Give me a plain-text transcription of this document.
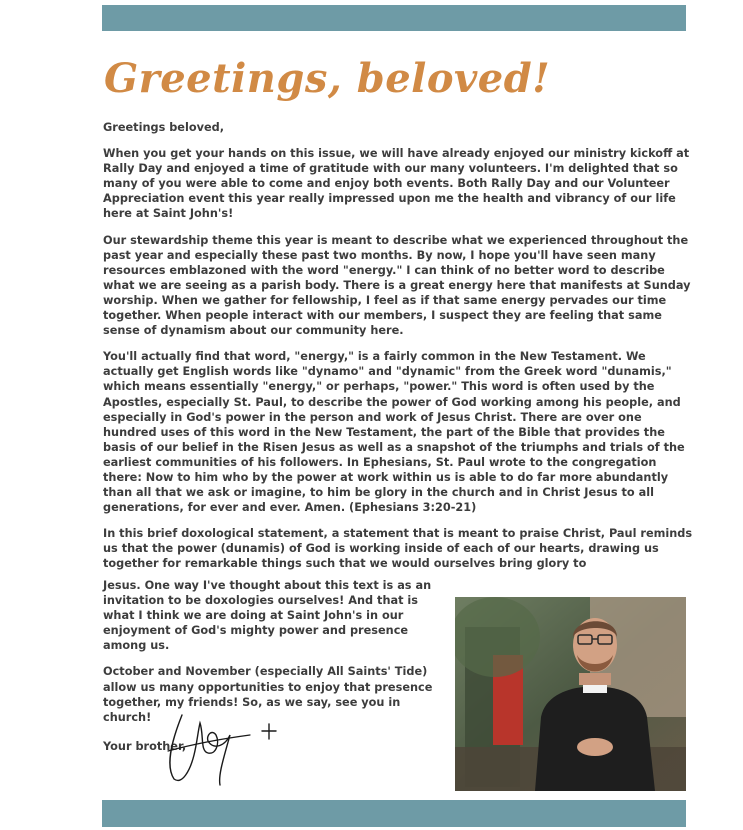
Greetings, beloved!

Greetings beloved,

When you get your hands on this issue, we will have already enjoyed our ministry kickoff at Rally Day and enjoyed a time of gratitude with our many volunteers. I'm delighted that so many of you were able to come and enjoy both events. Both Rally Day and our Volunteer Appreciation event this year really impressed upon me the health and vibrancy of our life here at Saint John's!

Our stewardship theme this year is meant to describe what we experienced throughout the past year and especially these past two months. By now, I hope you'll have seen many resources emblazoned with the word "energy." I can think of no better word to describe what we are seeing as a parish body. There is a great energy here that manifests at Sunday worship. When we gather for fellowship, I feel as if that same energy pervades our time together. When people interact with our members, I suspect they are feeling that same sense of dynamism about our community here.

You'll actually find that word, "energy," is a fairly common in the New Testament. We actually get English words like "dynamo" and "dynamic" from the Greek word "dunamis," which means essentially "energy," or perhaps, "power." This word is often used by the Apostles, especially St. Paul, to describe the power of God working among his people, and especially in God's power in the person and work of Jesus Christ. There are over one hundred uses of this word in the New Testament, the part of the Bible that provides the basis of our belief in the Risen Jesus as well as a snapshot of the triumphs and trials of the earliest communities of his followers. In Ephesians, St. Paul wrote to the congregation there: Now to him who by the power at work within us is able to do far more abundantly than all that we ask or imagine, to him be glory in the church and in Christ Jesus to all generations, for ever and ever. Amen. (Ephesians 3:20-21)

In this brief doxological statement, a statement that is meant to praise Christ, Paul reminds us that the power (dunamis) of God is working inside of each of our hearts, drawing us together for remarkable things such that we would ourselves bring glory to

Jesus. One way I've thought about this text is as an invitation to be doxologies ourselves! And that is what I think we are doing at Saint John's in our enjoyment of God's mighty power and presence among us.

October and November (especially All Saints' Tide) allow us many opportunities to enjoy that presence together, my friends! So, as we say, see you in church!

Your brother,
